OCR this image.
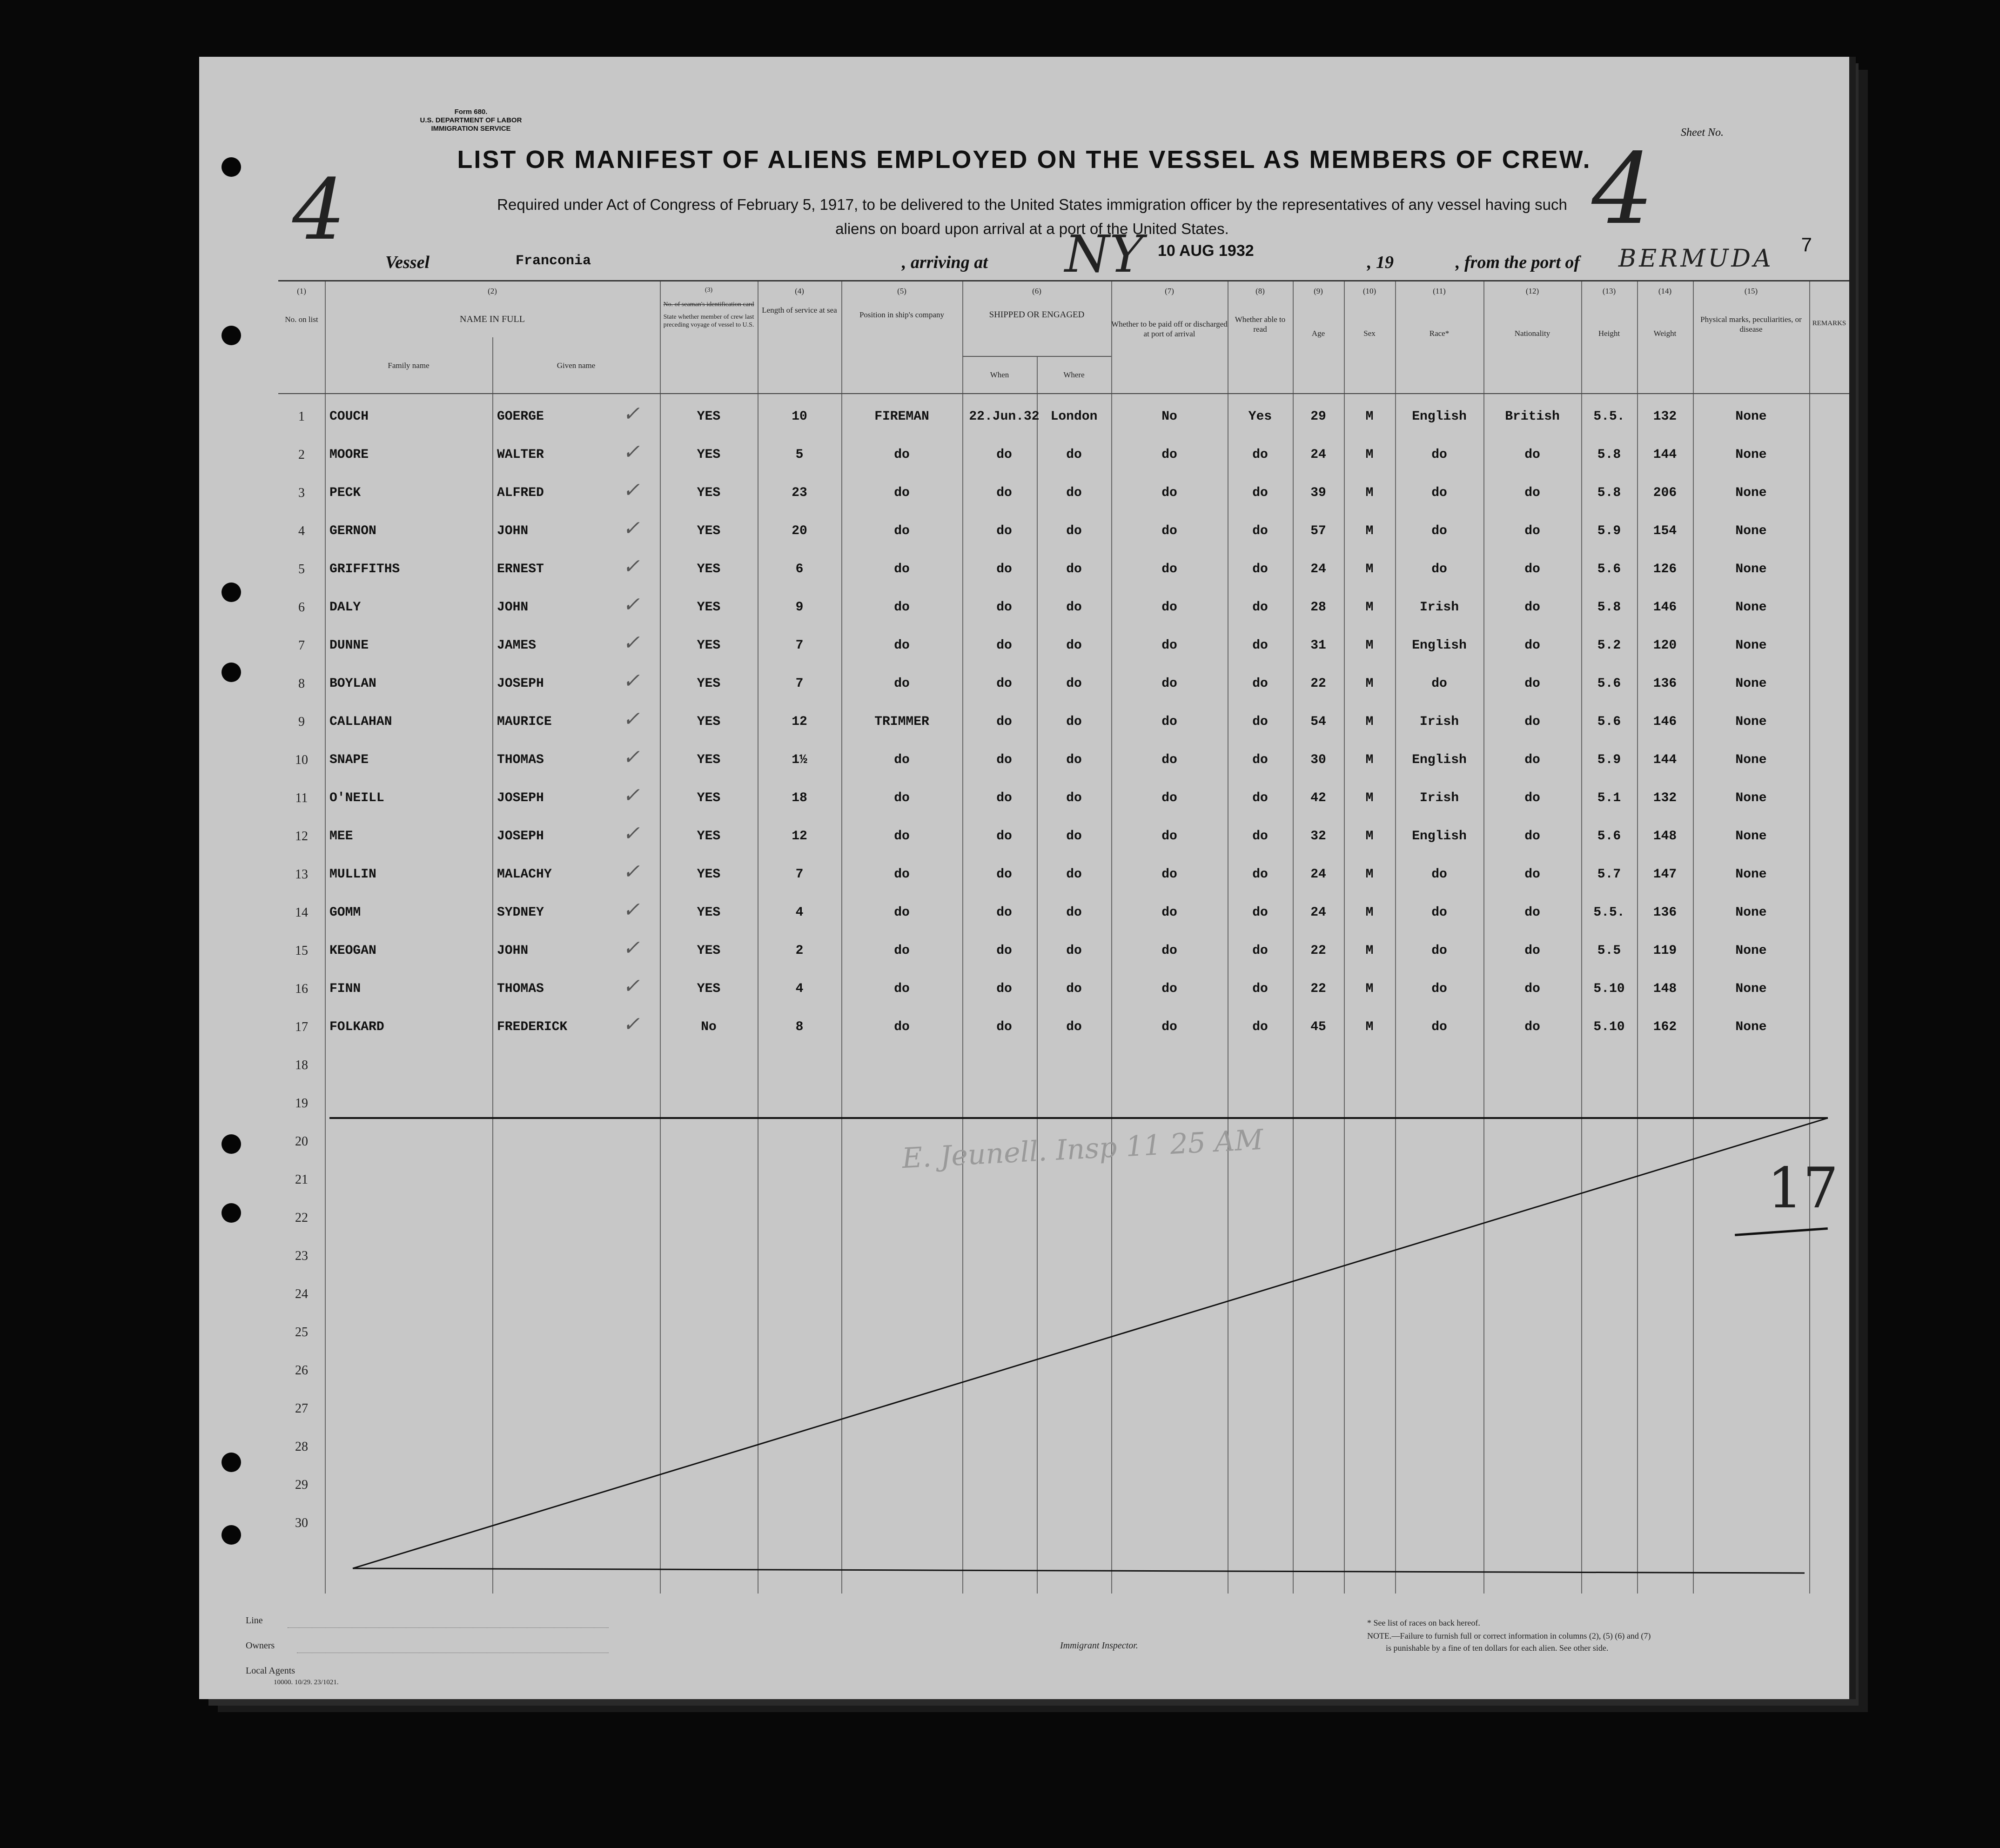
Form 680.
U.S. DEPARTMENT OF LABOR
IMMIGRATION SERVICE	Sheet No.
4
4	7
LIST OR MANIFEST OF ALIENS EMPLOYED ON THE VESSEL AS MEMBERS OF CREW.
Required under Act of Congress of February 5, 1917, to be delivered to the United States immigration officer by the representatives of any vessel having such
aliens on board upon arrival at a port of the United States.
Vessel	Franconia	, arriving at NY 10 AUG 1932
, 19	, from the port of BERMUDA
(1)
No. on list
(2)
NAME IN FULL
Family name	Given name
(3)
No. of seaman's identification card
State whether member of crew last preceding voyage of vessel to U.S.
(4)
Length of service at sea
(5)
Position in ship's company
(6)
SHIPPED OR ENGAGED
When	Where
(7)
Whether to be paid off or discharged at port of arrival
(8)
Whether able to read
(9)
Age
(10)
Sex
(11)
Race*
(12)
Nationality
(13)
Height
(14)
Weight
(15)
Physical marks, peculiarities, or disease
REMARKS
1	COUCH	GOERGE	YES	10	FIREMAN	22.Jun.32 London	No	Yes	29	M	English	British	5.5.	132	None
✓
2	MOORE	WALTER	YES	5	do	do	do	do	do	24	M	do	do	5.8	144	None
✓
3	PECK	ALFRED	YES	23	do	do	do	do	do	39	M	do	do	5.8	206	None
✓
4	GERNON	JOHN	YES	20	do	do	do	do	do	57	M	do	do	5.9	154	None
✓
5	GRIFFITHS	ERNEST	YES	6	do	do	do	do	do	24	M	do	do	5.6	126	None
✓
6	DALY	JOHN	YES	9	do	do	do	do	do	28	M	Irish	do	5.8	146	None
✓
7	DUNNE	JAMES	YES	7	do	do	do	do	do	31	M	English	do	5.2	120	None
✓
8	BOYLAN	JOSEPH	YES	7	do	do	do	do	do	22	M	do	do	5.6	136	None
✓
9	CALLAHAN	MAURICE	YES	12	TRIMMER	do	do	do	do	54	M	Irish	do	5.6	146	None
✓
10	SNAPE	THOMAS	YES	1½	do	do	do	do	do	30	M	English	do	5.9	144	None
✓
11	O'NEILL	JOSEPH	YES	18	do	do	do	do	do	42	M	Irish	do	5.1	132	None
✓
12	MEE	JOSEPH	YES	12	do	do	do	do	do	32	M	English	do	5.6	148	None
✓
13	MULLIN	MALACHY	YES	7	do	do	do	do	do	24	M	do	do	5.7	147	None
✓
14	GOMM	SYDNEY	YES	4	do	do	do	do	do	24	M	do	do	5.5.	136	None
✓
15	KEOGAN	JOHN	YES	2	do	do	do	do	do	22	M	do	do	5.5	119	None
✓
16	FINN	THOMAS	YES	4	do	do	do	do	do	22	M	do	do	5.10	148	None
✓
17	FOLKARD	FREDERICK	No	8	do	do	do	do	do	45	M	do	do	5.10	162	None
✓
18
19
20
21
22
23
24
25
26
27
28
29
30
E. Jeunell. Insp 11 25 AM
17
Line
Owners
Local Agents
10000. 10/29. 23/1021.
Immigrant Inspector.
* See list of races on back hereof.
NOTE.—Failure to furnish full or correct information in columns (2), (5) (6) and (7)
is punishable by a fine of ten dollars for each alien. See other side.
